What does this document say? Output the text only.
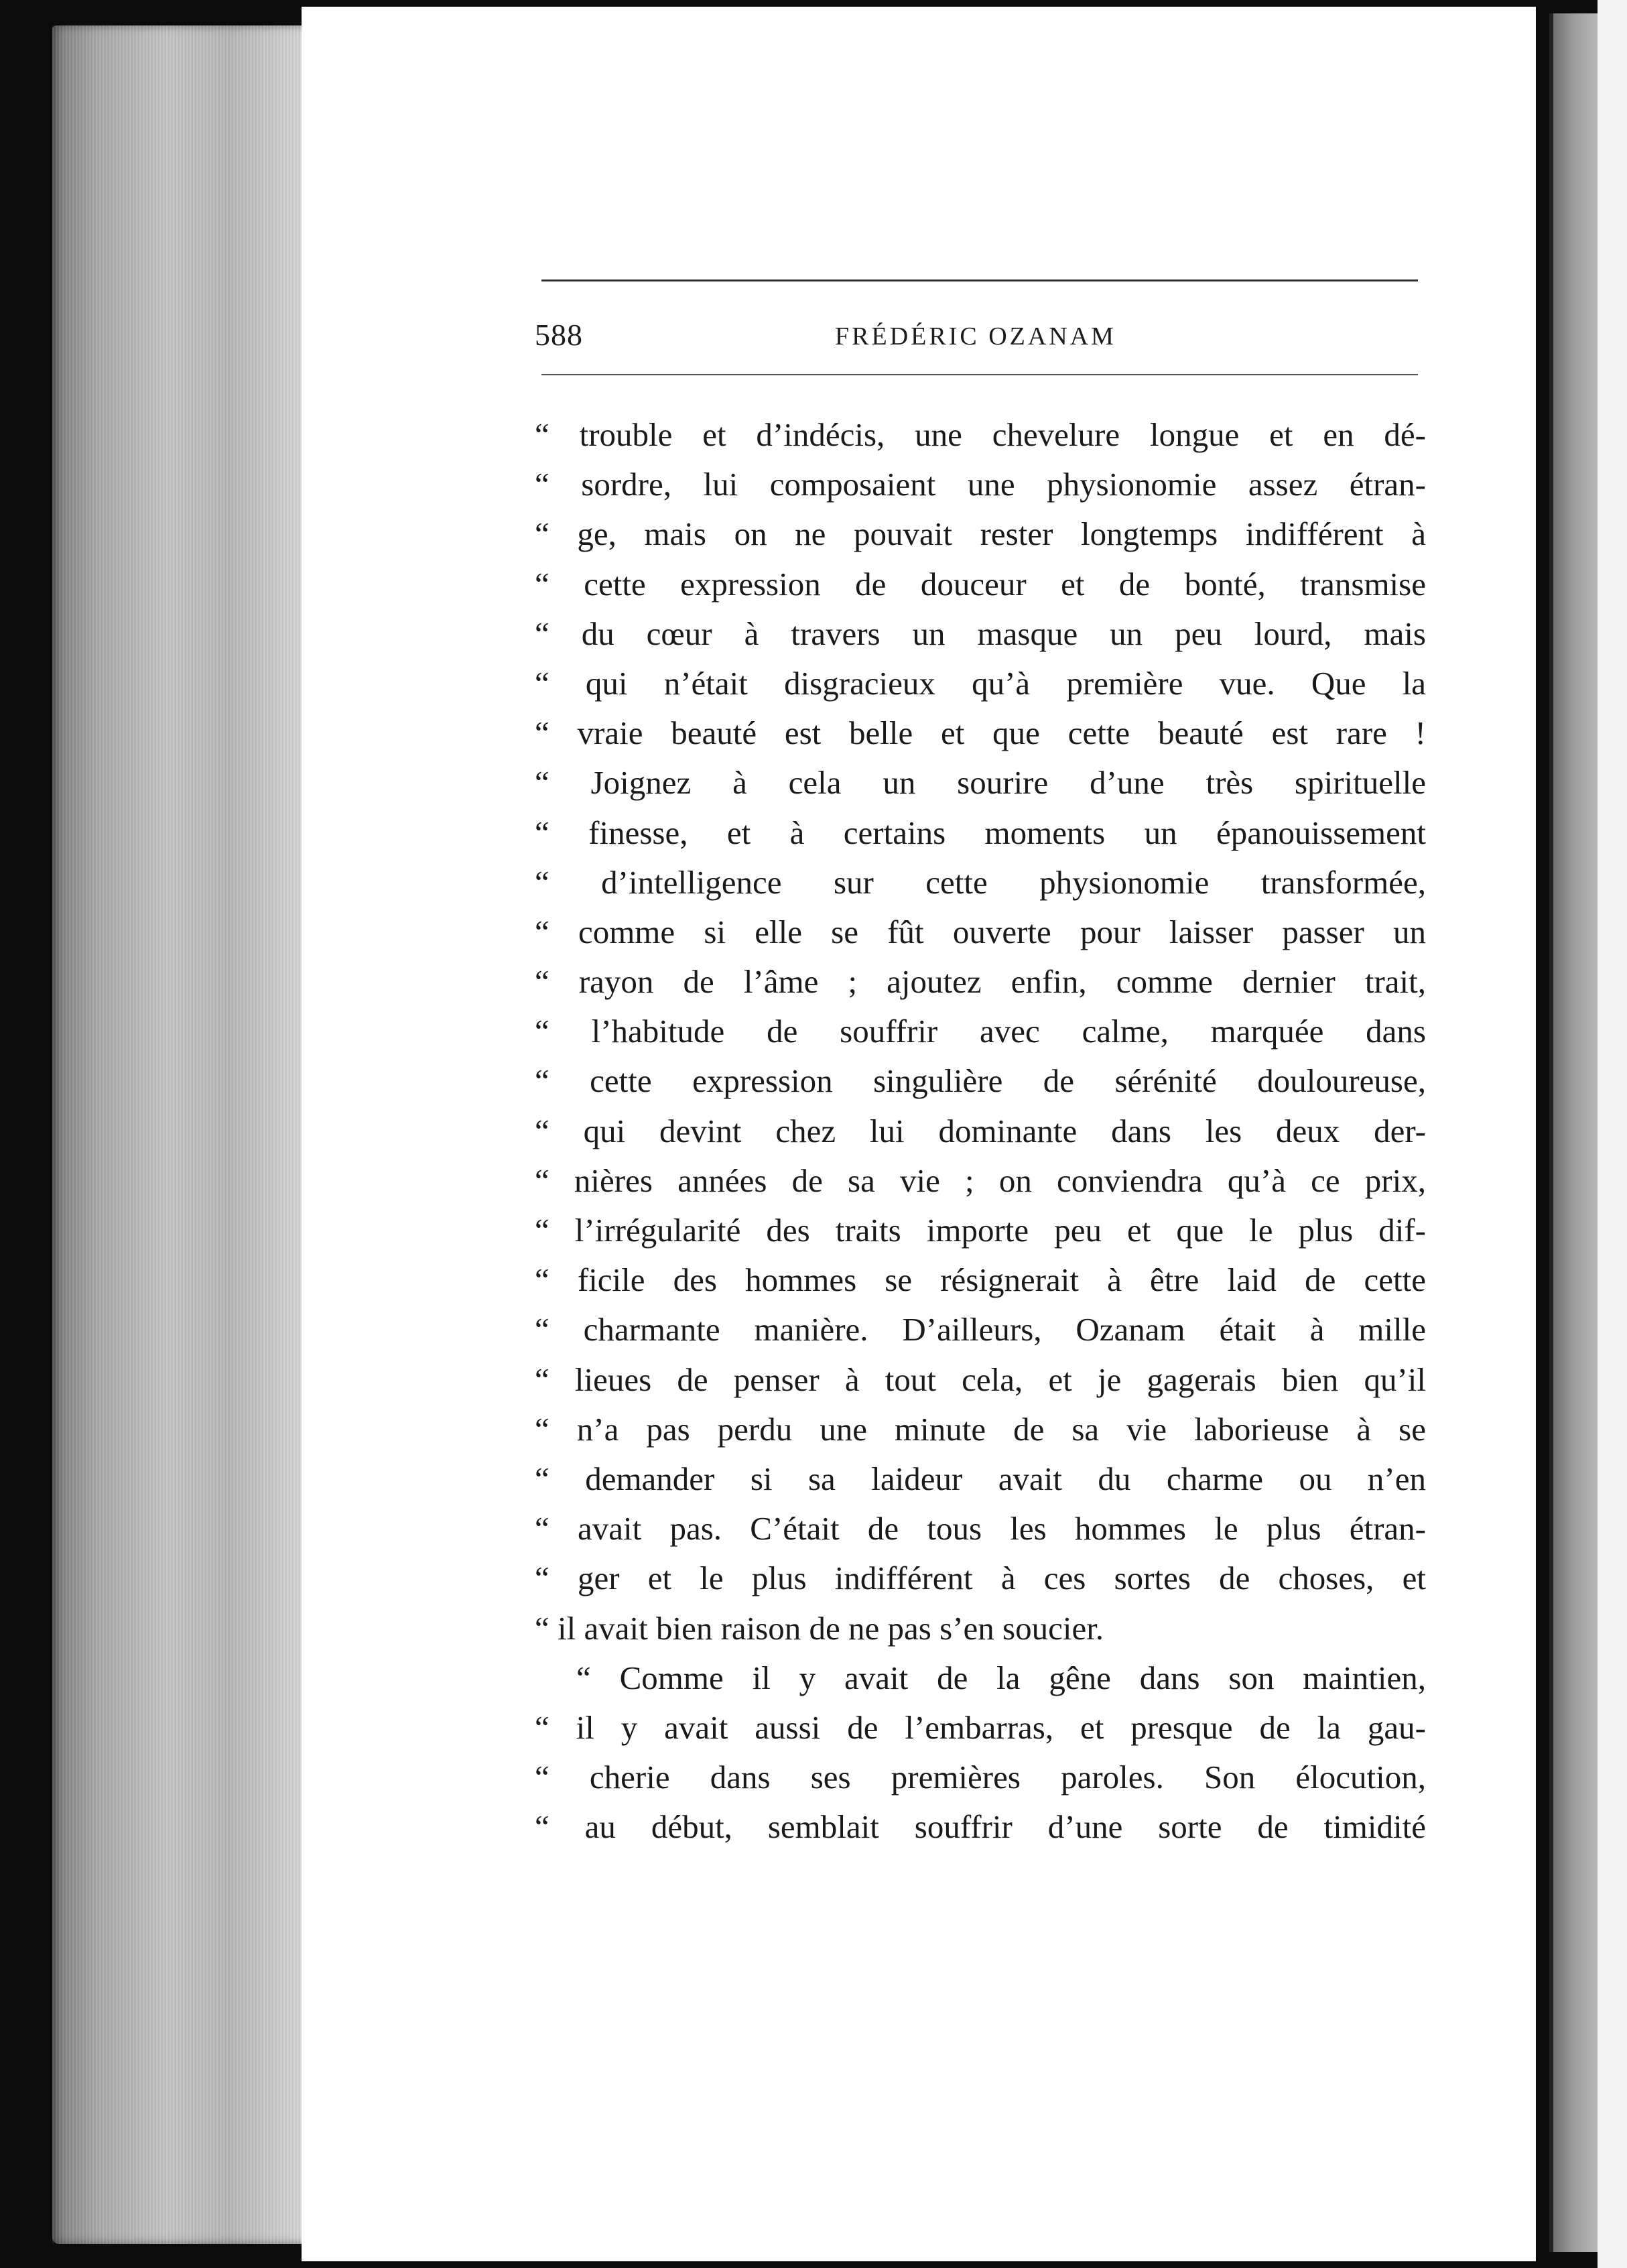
588	FRÉDÉRIC OZANAM
“ trouble et d’indécis, une chevelure longue et en dé-
“ sordre, lui composaient une physionomie assez étran-
“ ge, mais on ne pouvait rester longtemps indifférent à
“ cette expression de douceur et de bonté, transmise
“ du cœur à travers un masque un peu lourd, mais
“ qui n’était disgracieux qu’à première vue. Que la
“ vraie beauté est belle et que cette beauté est rare !
“ Joignez à cela un sourire d’une très spirituelle
“ finesse, et à certains moments un épanouissement
“ d’intelligence sur cette physionomie transformée,
“ comme si elle se fût ouverte pour laisser passer un
“ rayon de l’âme ; ajoutez enfin, comme dernier trait,
“ l’habitude de souffrir avec calme, marquée dans
“ cette expression singulière de sérénité douloureuse,
“ qui devint chez lui dominante dans les deux der-
“ nières années de sa vie ; on conviendra qu’à ce prix,
“ l’irrégularité des traits importe peu et que le plus dif-
“ ficile des hommes se résignerait à être laid de cette
“ charmante manière. D’ailleurs, Ozanam était à mille
“ lieues de penser à tout cela, et je gagerais bien qu’il
“ n’a pas perdu une minute de sa vie laborieuse à se
“ demander si sa laideur avait du charme ou n’en
“ avait pas. C’était de tous les hommes le plus étran-
“ ger et le plus indifférent à ces sortes de choses, et
“ il avait bien raison de ne pas s’en soucier.
“ Comme il y avait de la gêne dans son maintien,
“ il y avait aussi de l’embarras, et presque de la gau-
“ cherie dans ses premières paroles. Son élocution,
“ au début, semblait souffrir d’une sorte de timidité
